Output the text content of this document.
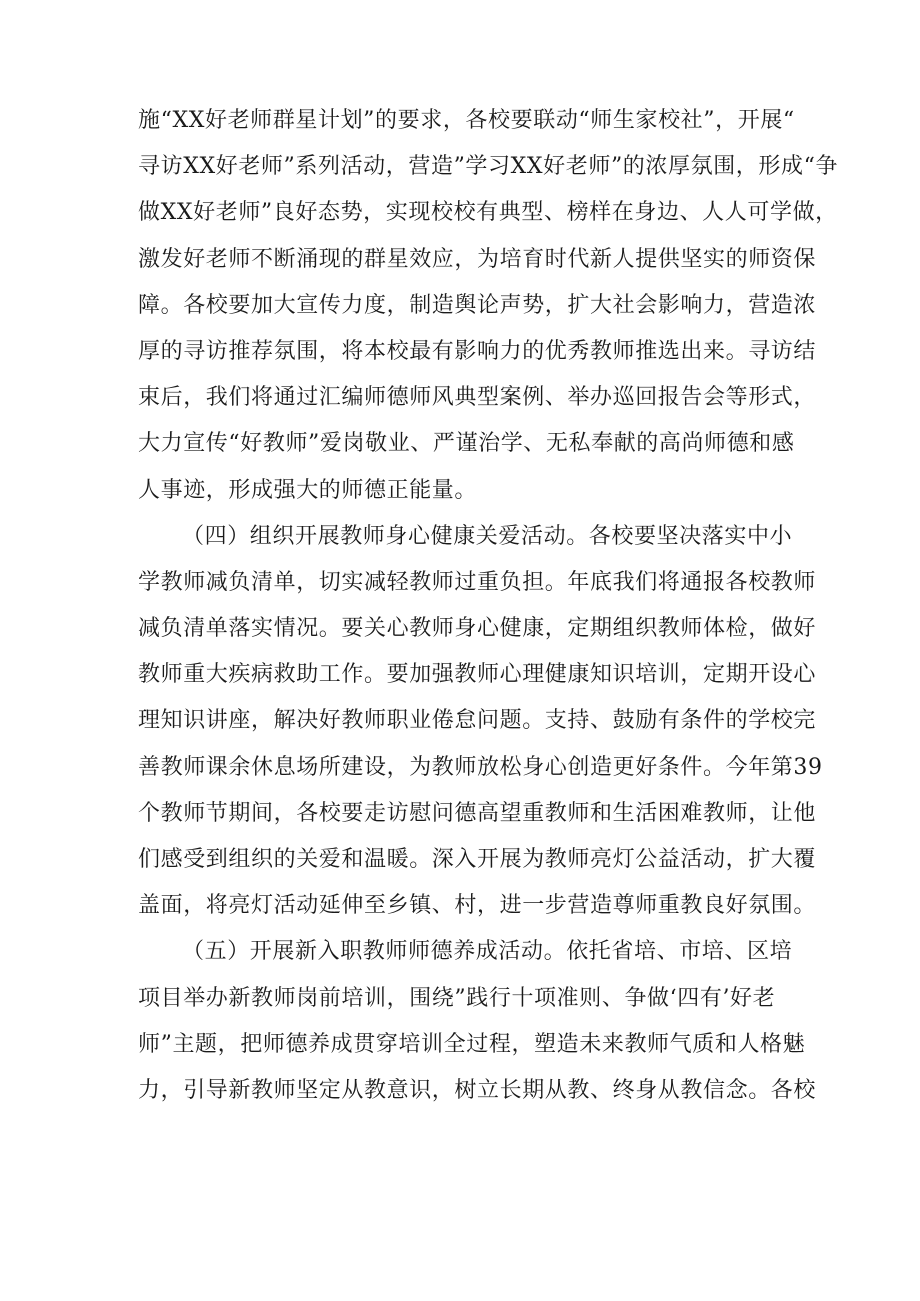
施“XX好老师群星计划”的要求，各校要联动“师生家校社”，开展“
寻访XX好老师”系列活动，营造”学习XX好老师”的浓厚氛围，形成“争
做XX好老师”良好态势，实现校校有典型、榜样在身边、人人可学做，
激发好老师不断涌现的群星效应，为培育时代新人提供坚实的师资保
障。各校要加大宣传力度，制造舆论声势，扩大社会影响力，营造浓
厚的寻访推荐氛围，将本校最有影响力的优秀教师推选出来。寻访结
束后，我们将通过汇编师德师风典型案例、举办巡回报告会等形式，
大力宣传“好教师”爱岗敬业、严谨治学、无私奉献的高尚师德和感
人事迹，形成强大的师德正能量。
（四）组织开展教师身心健康关爱活动。各校要坚决落实中小
学教师减负清单，切实减轻教师过重负担。年底我们将通报各校教师
减负清单落实情况。要关心教师身心健康，定期组织教师体检，做好
教师重大疾病救助工作。要加强教师心理健康知识培训，定期开设心
理知识讲座，解决好教师职业倦怠问题。支持、鼓励有条件的学校完
善教师课余休息场所建设，为教师放松身心创造更好条件。今年第39
个教师节期间，各校要走访慰问德高望重教师和生活困难教师，让他
们感受到组织的关爱和温暖。深入开展为教师亮灯公益活动，扩大覆
盖面，将亮灯活动延伸至乡镇、村，进一步营造尊师重教良好氛围。
（五）开展新入职教师师德养成活动。依托省培、市培、区培
项目举办新教师岗前培训，围绕”践行十项准则、争做‘四有’好老
师”主题，把师德养成贯穿培训全过程，塑造未来教师气质和人格魅
力，引导新教师坚定从教意识，树立长期从教、终身从教信念。各校
